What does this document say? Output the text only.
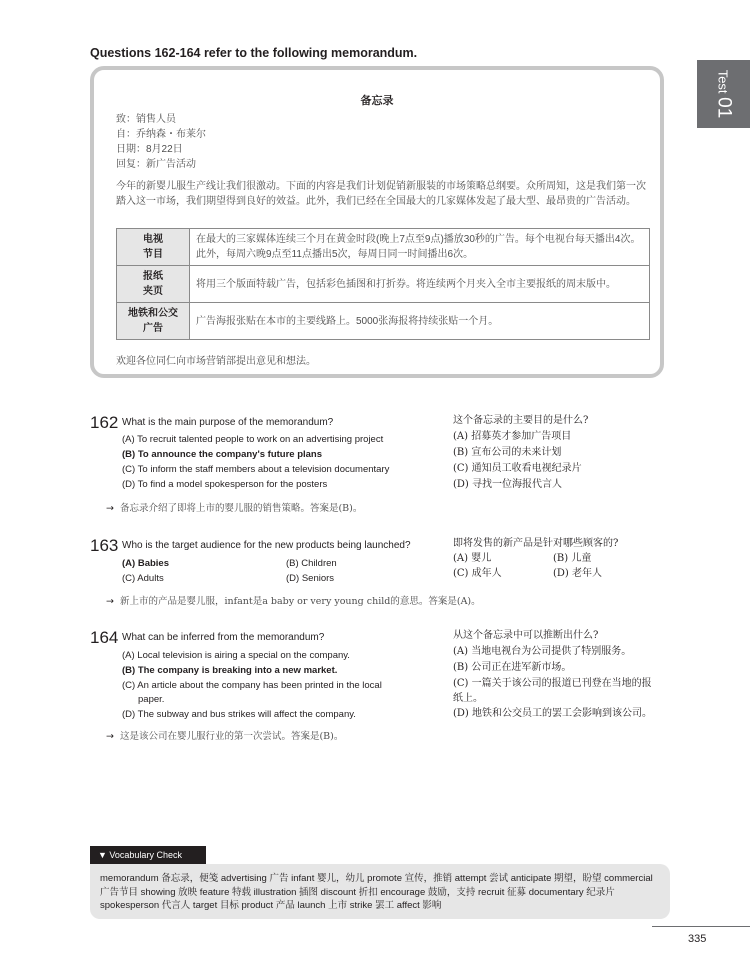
Questions 162-164 refer to the following memorandum.
Test 01
备忘录
致：销售人员
自：乔纳森・布莱尔
日期：8月22日
回复：新广告活动
今年的新婴儿服生产线让我们很激动。下面的内容是我们计划促销新服装的市场策略总纲要。众所周知，这是我们第一次踏入这一市场，我们期望得到良好的效益。此外，我们已经在全国最大的几家媒体发起了最大型、最昂贵的广告活动。
电视
节目	在最大的三家媒体连续三个月在黄金时段(晚上7点至9点)播放30秒的广告。每个电视台每天播出4次。此外，每周六晚9点至11点播出5次，每周日同一时间播出6次。
报纸
夹页	将用三个版面特载广告，包括彩色插图和打折券。将连续两个月夹入全市主要报纸的周末版中。
地铁和公交
广告	广告海报张贴在本市的主要线路上。5000张海报将持续张贴一个月。
欢迎各位同仁向市场营销部提出意见和想法。
162 What is the main purpose of the memorandum?
(A) To recruit talented people to work on an advertising project
(B) To announce the company's future plans
(C) To inform the staff members about a television documentary
(D) To find a model spokesperson for the posters
这个备忘录的主要目的是什么?
(A) 招募英才参加广告项目
(B) 宣布公司的未来计划
(C) 通知员工收看电视纪录片
(D) 寻找一位海报代言人
→ 备忘录介绍了即将上市的婴儿服的销售策略。答案是(B)。
163 Who is the target audience for the new products being launched?
(A) Babies	(B) Children
(C) Adults	(D) Seniors
即将发售的新产品是针对哪些顾客的?
(A) 婴儿	(B) 儿童
(C) 成年人	(D) 老年人
→ 新上市的产品是婴儿服，infant是a baby or very young child的意思。答案是(A)。
164 What can be inferred from the memorandum?
(A) Local television is airing a special on the company.
(B) The company is breaking into a new market.
(C) An article about the company has been printed in the local
paper.
(D) The subway and bus strikes will affect the company.
从这个备忘录中可以推断出什么?
(A) 当地电视台为公司提供了特别服务。
(B) 公司正在进军新市场。
(C) 一篇关于该公司的报道已刊登在当地的报
纸上。
(D) 地铁和公交员工的罢工会影响到该公司。
→ 这是该公司在婴儿服行业的第一次尝试。答案是(B)。
▼ Vocabulary Check
memorandum 备忘录，便笺 advertising 广告 infant 婴儿，幼儿 promote 宣传，推销 attempt 尝试 anticipate 期望，盼望 commercial 广告节目 showing 放映 feature 特载 illustration 插图 discount 折扣 encourage 鼓励，支持 recruit 征募 documentary 纪录片 spokesperson 代言人 target 目标 product 产品 launch 上市 strike 罢工 affect 影响
335
